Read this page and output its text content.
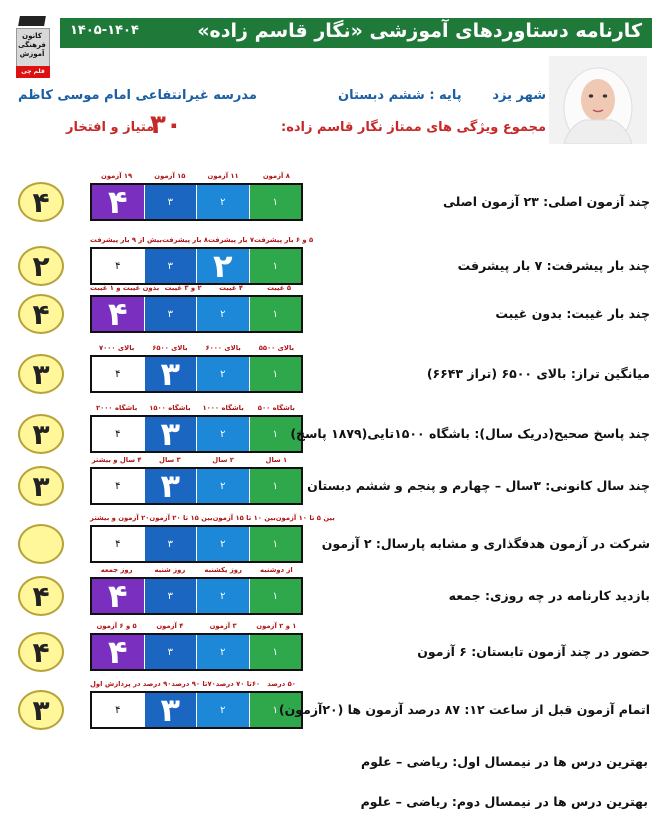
کانون فرهنگی آموزش
قلم چی
کارنامه دستاوردهای آموزشی «نگار قاسم زاده»
۱۴۰۵-۱۴۰۴
شهر یزد
پایه : ششم دبستان
مدرسه غیرانتفاعی امام موسی کاظم
مجموع ویژگی های ممتاز نگار قاسم زاده:
۳۰
امتیاز و افتخار
۱۹ آزمون	۱۵ آزمون	۱۱ آزمون	۸ آزمون
۴	۳	۲	۱
۴	چند آزمون اصلی: ۲۳ آزمون اصلی
بیش از ۹ بار پیشرفت ۸ بار پیشرفت ۷ بار پیشرفت ۵ و ۶ بار پیشرفت
۴	۳	۲	۱
۲	چند بار پیشرفت: ۷ بار پیشرفت
بدون غیبت و ۱ غیبت ۲ و ۳ غیبت	۴ غیبت	۵ غیبت
۴	۳	۲	۱
۴	چند بار غیبت: بدون غیبت
بالای ۷۰۰۰	بالای ۶۵۰۰	بالای ۶۰۰۰	بالای ۵۵۰۰
۴	۳	۲	۱
۳	میانگین تراز: بالای ۶۵۰۰ (تراز ۶۶۴۳)
باشگاه ۲۰۰۰	باشگاه ۱۵۰۰	باشگاه ۱۰۰۰	باشگاه ۵۰۰
۴	۳	۲	۱
۳	چند پاسخ صحیح(دریک سال): باشگاه ۱۵۰۰تایی(۱۸۷۹ پاسخ)
۴ سال و بیشتر	۳ سال	۲ سال	۱ سال
۴	۳	۲	۱
۳	چند سال کانونی: ۳سال – چهارم و پنجم و ششم دبستان
۲۰ آزمون و بیشتر بین ۱۵ تا ۲۰ آزمون بین ۱۰ تا ۱۵ آزمون بین ۵ تا ۱۰ آزمون
۴	۳	۲	۱	شرکت در آزمون هدفگذاری و مشابه پارسال: ۲ آزمون
روز جمعه	روز شنبه	روز یکشنبه	از دوشنبه
۴	۳	۲	۱
۴	بازدید کارنامه در چه روزی: جمعه
۵ و ۶ آزمون	۴ آزمون	۳ آزمون	۱ و ۲ آزمون
۴	۳	۲	۱
۴	حضور در چند آزمون تابستان: ۶ آزمون
۹۰ درصد در پردازش اول ۷۰تا ۹۰ درصد ۶۰تا ۷۰ درصد	۵۰ درصد
۴	۳	۲	۱
۳	اتمام آزمون قبل از ساعت ۱۲: ۸۷ درصد آزمون ها (۲۰آزمون)
بهترین درس ها در نیمسال اول: ریاضی – علوم
بهترین درس ها در نیمسال دوم: ریاضی – علوم
